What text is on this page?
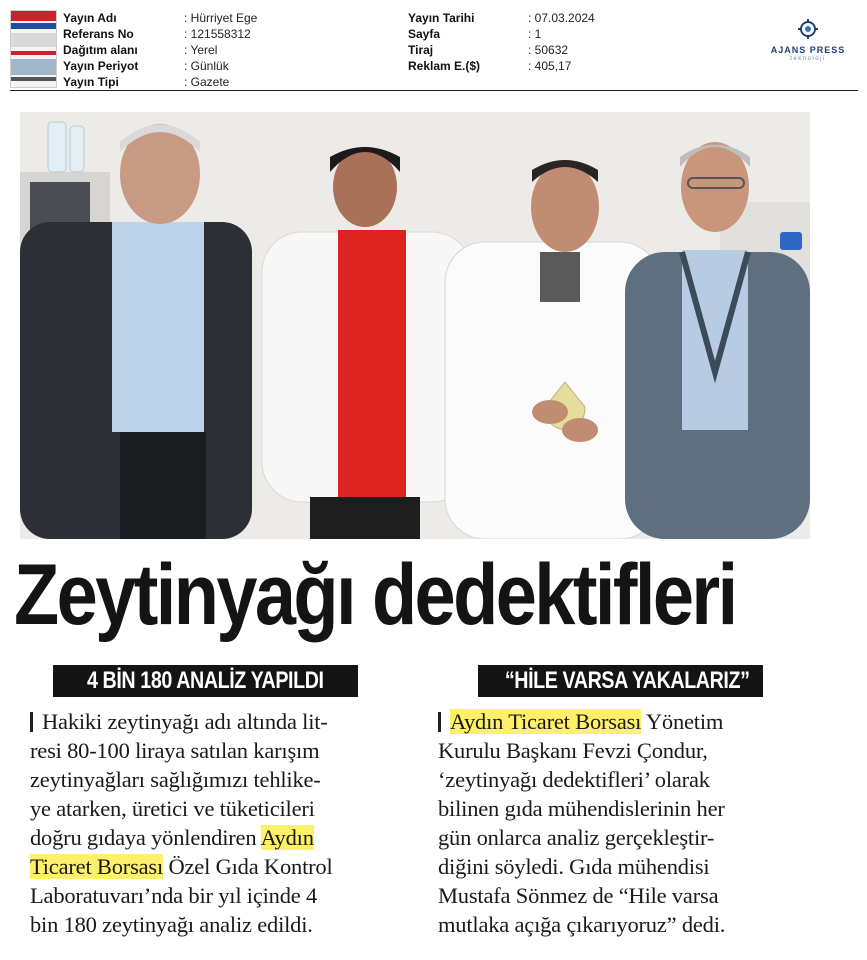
Yayın Adı	: Hürriyet Ege
Referans No	: 121558312
Dağıtım alanı	: Yerel
Yayın Periyot	: Günlük
Yayın Tipi	: Gazete
Yayın Tarihi	: 07.03.2024
Sayfa	: 1
Tiraj	: 50632
Reklam E.($)	: 405,17
AJANS PRESS
teknoloji
Zeytinyağı dedektifleri
4 BİN 180 ANALİZ YAPILDI	“HİLE VARSA YAKALARIZ”
Hakiki zeytinyağı adı altında lit-
resi 80-100 liraya satılan karışım
zeytinyağları sağlığımızı tehlike-
ye atarken, üretici ve tüketicileri
doğru gıdaya yönlendiren Aydın
Ticaret Borsası Özel Gıda Kontrol
Laboratuvarı’nda bir yıl içinde 4
bin 180 zeytinyağı analiz edildi.
Aydın Ticaret Borsası Yönetim
Kurulu Başkanı Fevzi Çondur,
‘zeytinyağı dedektifleri’ olarak
bilinen gıda mühendislerinin her
gün onlarca analiz gerçekleştir-
diğini söyledi. Gıda mühendisi
Mustafa Sönmez de “Hile varsa
mutlaka açığa çıkarıyoruz” dedi.
